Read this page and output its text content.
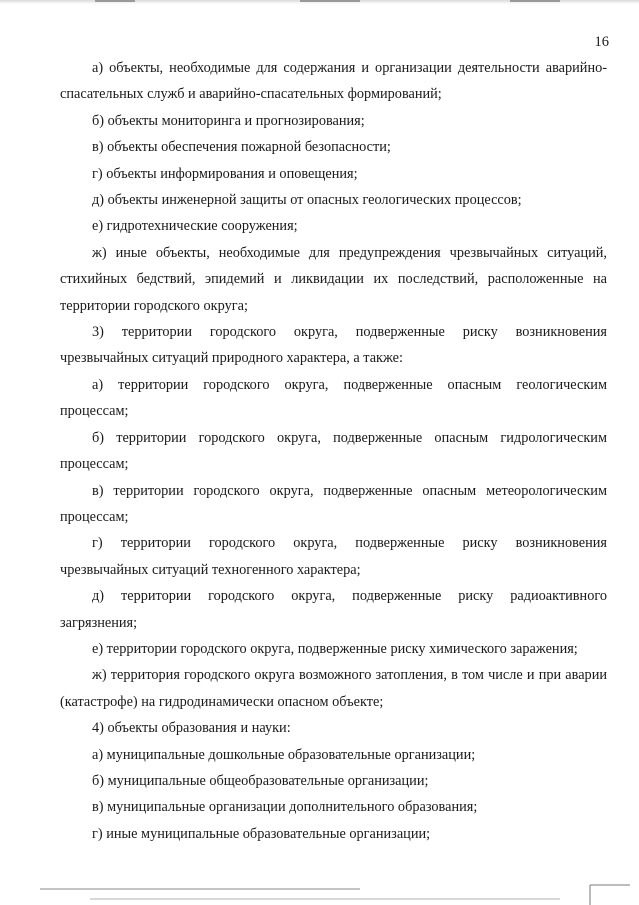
16

а) объекты, необходимые для содержания и организации деятельности аварийно-спасательных служб и аварийно-спасательных формирований;

б) объекты мониторинга и прогнозирования;

в) объекты обеспечения пожарной безопасности;

г) объекты информирования и оповещения;

д) объекты инженерной защиты от опасных геологических процессов;

е) гидротехнические сооружения;

ж) иные объекты, необходимые для предупреждения чрезвычайных ситуаций, стихийных бедствий, эпидемий и ликвидации их последствий, расположенные на территории городского округа;

3) территории городского округа, подверженные риску возникновения чрезвычайных ситуаций природного характера, а также:

а) территории городского округа, подверженные опасным геологическим процессам;

б) территории городского округа, подверженные опасным гидрологическим процессам;

в) территории городского округа, подверженные опасным метеорологическим процессам;

г) территории городского округа, подверженные риску возникновения чрезвычайных ситуаций техногенного характера;

д) территории городского округа, подверженные риску радиоактивного загрязнения;

е) территории городского округа, подверженные риску химического заражения;

ж) территория городского округа возможного затопления, в том числе и при аварии (катастрофе) на гидродинамически опасном объекте;

4) объекты образования и науки:

а) муниципальные дошкольные образовательные организации;

б) муниципальные общеобразовательные организации;

в) муниципальные организации дополнительного образования;

г) иные муниципальные образовательные организации;
